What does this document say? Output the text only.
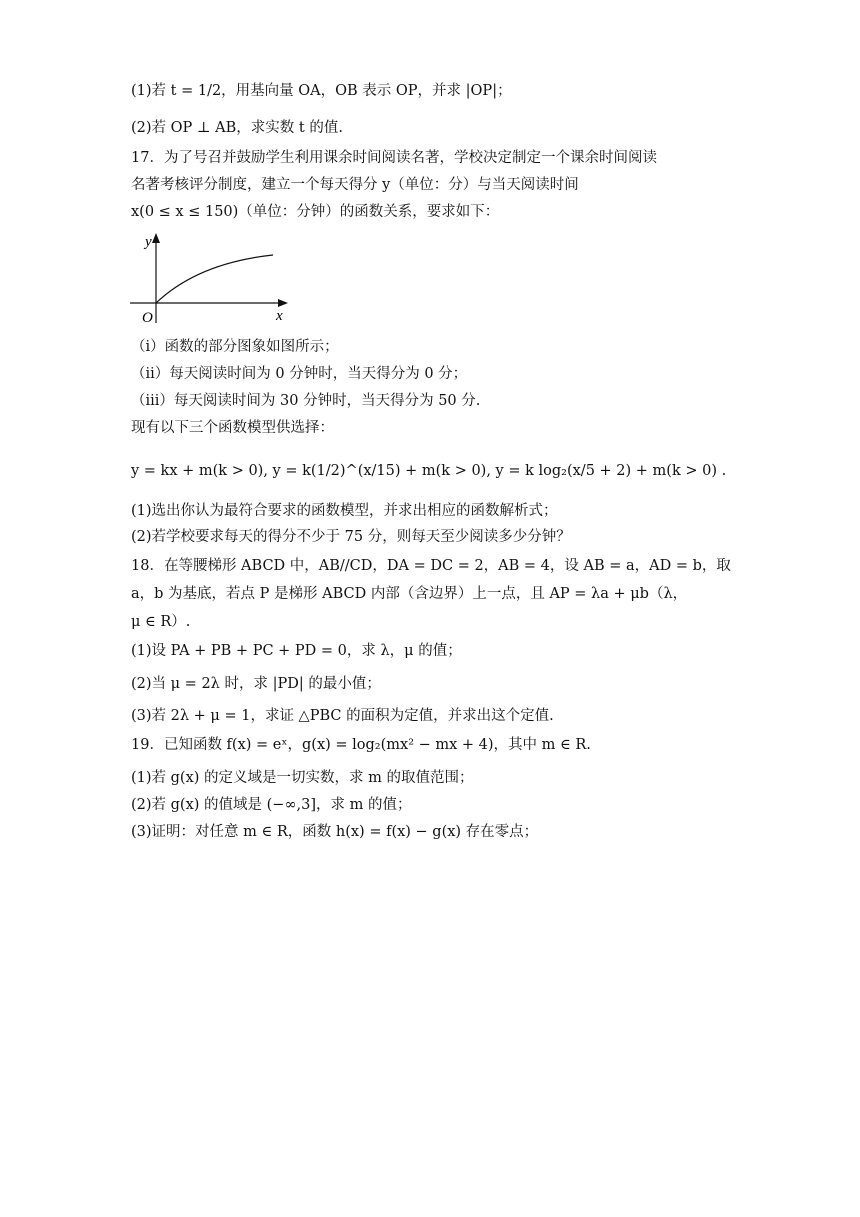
(1)若 t = 1/2，用基向量 OA，OB 表示 OP，并求 |OP|；
(2)若 OP ⊥ AB，求实数 t 的值.
17．为了号召并鼓励学生利用课余时间阅读名著，学校决定制定一个课余时间阅读
名著考核评分制度，建立一个每天得分 y（单位：分）与当天阅读时间
x(0 ≤ x ≤ 150)（单位：分钟）的函数关系，要求如下：
y
x
O
（i）函数的部分图象如图所示；
（ii）每天阅读时间为 0 分钟时，当天得分为 0 分；
（iii）每天阅读时间为 30 分钟时，当天得分为 50 分.
现有以下三个函数模型供选择：
y = kx + m(k > 0), y = k(1/2)^(x/15) + m(k > 0), y = k log₂(x/5 + 2) + m(k > 0) .
(1)选出你认为最符合要求的函数模型，并求出相应的函数解析式；
(2)若学校要求每天的得分不少于 75 分，则每天至少阅读多少分钟？
18．在等腰梯形 ABCD 中，AB//CD，DA = DC = 2，AB = 4，设 AB = a，AD = b，取
a，b 为基底，若点 P 是梯形 ABCD 内部（含边界）上一点，且 AP = λa + μb（λ，
μ ∈ R）.
(1)设 PA + PB + PC + PD = 0，求 λ，μ 的值；
(2)当 μ = 2λ 时，求 |PD| 的最小值；
(3)若 2λ + μ = 1，求证 △PBC 的面积为定值，并求出这个定值.
19．已知函数 f(x) = eˣ，g(x) = log₂(mx² − mx + 4)，其中 m ∈ R.
(1)若 g(x) 的定义域是一切实数，求 m 的取值范围；
(2)若 g(x) 的值域是 (−∞,3]，求 m 的值；
(3)证明：对任意 m ∈ R，函数 h(x) = f(x) − g(x) 存在零点；
